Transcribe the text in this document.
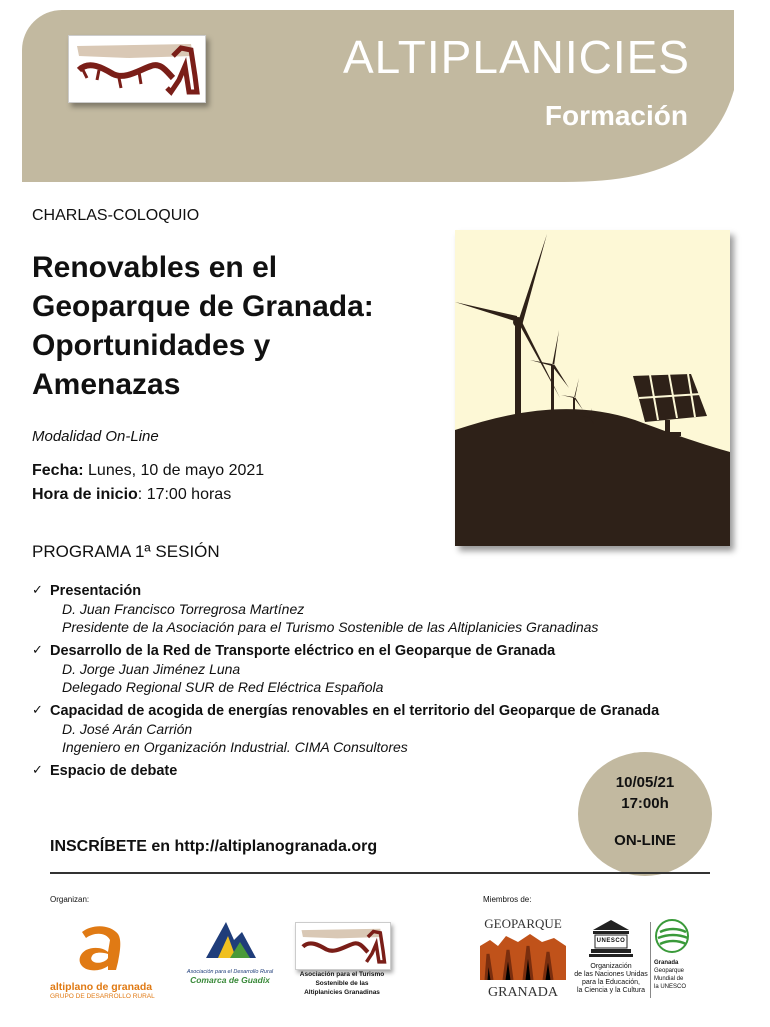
ALTIPLANICIES
Formación
CHARLAS-COLOQUIO
Renovables en el
Geoparque de Granada:
Oportunidades y
Amenazas
Modalidad On-Line
Fecha: Lunes, 10 de mayo 2021
Hora de inicio: 17:00 horas
PROGRAMA 1ª SESIÓN
✓ Presentación
D. Juan Francisco Torregrosa Martínez
Presidente de la Asociación para el Turismo Sostenible de las Altiplanicies Granadinas
✓ Desarrollo de la Red de Transporte eléctrico en el Geoparque de Granada
D. Jorge Juan Jiménez Luna
Delegado Regional SUR de Red Eléctrica Española
✓ Capacidad de acogida de energías renovables en el territorio del Geoparque de Granada
D. José Arán Carrión
Ingeniero en Organización Industrial. CIMA Consultores
✓ Espacio de debate
10/05/21
17:00h
ON-LINE
INSCRÍBETE en http://altiplanogranada.org
Organizan:	Miembros de:
altiplano de granada
GRUPO DE DESARROLLO RURAL
Asociación para el Desarrollo Rural
Comarca de Guadix
Asociación para el Turismo
Sostenible de las
Altiplanicies Granadinas
GEOPARQUE
GRANADA
UNESCO
Organización
de las Naciones Unidas
para la Educación,
la Ciencia y la Cultura
Granada
Geoparque
Mundial de
la UNESCO
